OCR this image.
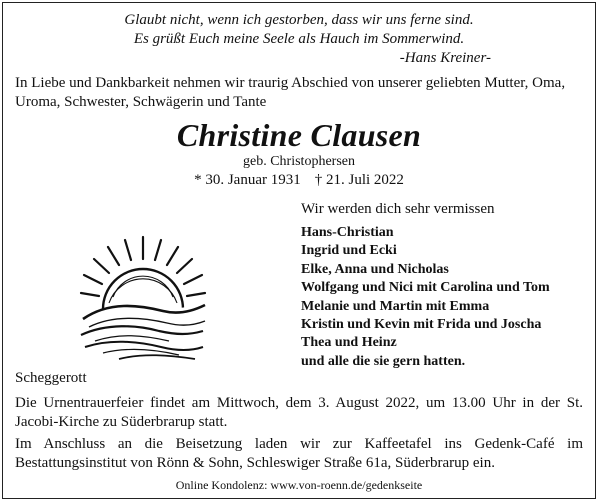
Glaubt nicht, wenn ich gestorben, dass wir uns ferne sind.
Es grüßt Euch meine Seele als Hauch im Sommerwind.
-Hans Kreiner-
In Liebe und Dankbarkeit nehmen wir traurig Abschied von unserer geliebten Mutter, Oma, Uroma, Schwester, Schwägerin und Tante
Christine Clausen
geb. Christophersen
* 30. Januar 1931 † 21. Juli 2022
Wir werden dich sehr vermissen
Hans-Christian
Ingrid und Ecki
Elke, Anna und Nicholas
Wolfgang und Nici mit Carolina und Tom
Melanie und Martin mit Emma
Kristin und Kevin mit Frida und Joscha
Thea und Heinz
und alle die sie gern hatten.
Scheggerott
Die Urnentrauerfeier findet am Mittwoch, dem 3. August 2022, um 13.00 Uhr in der St. Jacobi-Kirche zu Süderbrarup statt.
Im Anschluss an die Beisetzung laden wir zur Kaffeetafel ins Gedenk-Café im Bestattungsinstitut von Rönn & Sohn, Schleswiger Straße 61a, Süderbrarup ein.
Online Kondolenz: www.von-roenn.de/gedenkseite
